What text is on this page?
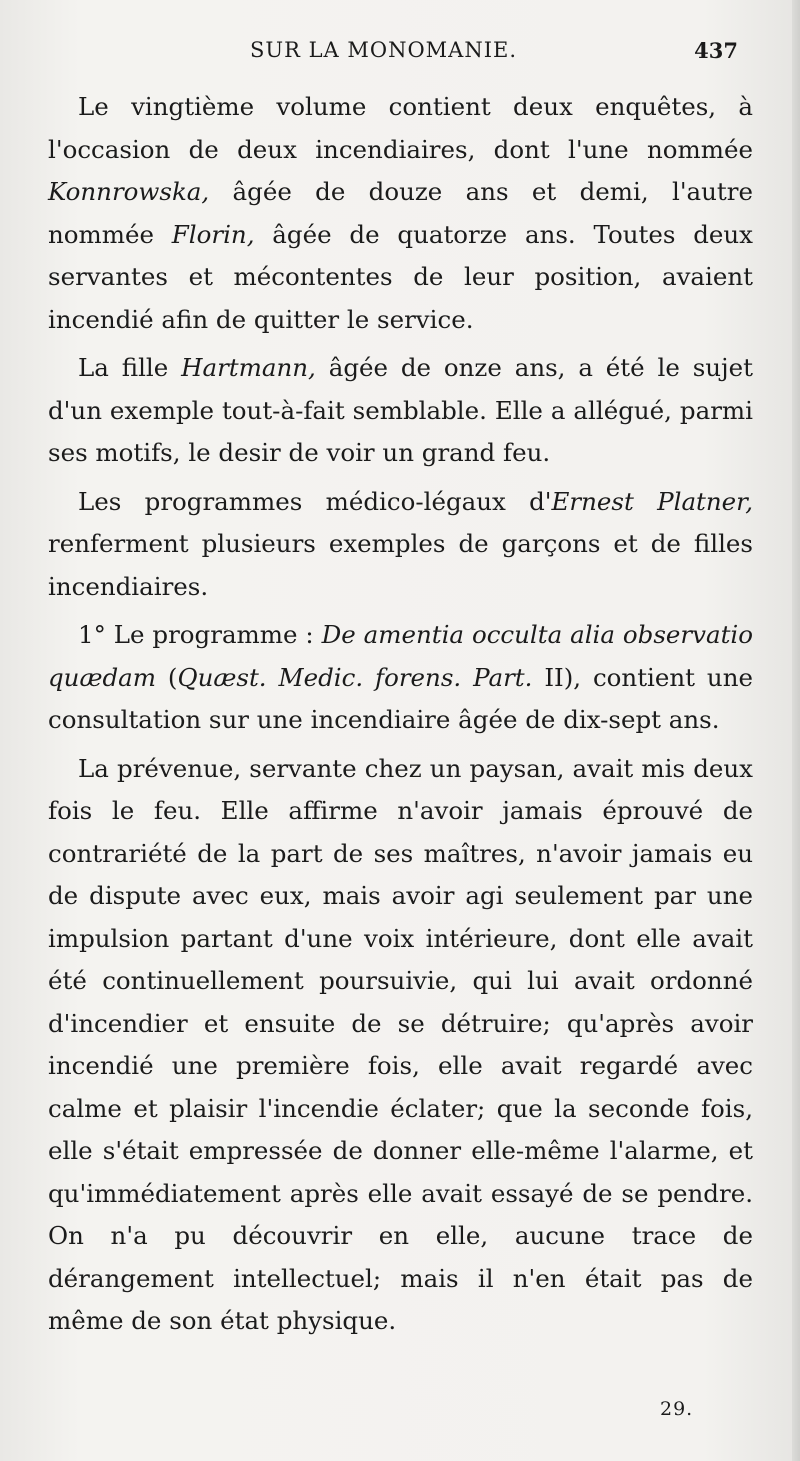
SUR LA MONOMANIE.	437

Le vingtième volume contient deux enquêtes, à l'occasion de deux incendiaires, dont l'une nommée Konnrowska, âgée de douze ans et demi, l'autre nommée Florin, âgée de quatorze ans. Toutes deux servantes et mécontentes de leur position, avaient incendié afin de quitter le service.

La fille Hartmann, âgée de onze ans, a été le sujet d'un exemple tout-à-fait semblable. Elle a allégué, parmi ses motifs, le desir de voir un grand feu.

Les programmes médico-légaux d'Ernest Platner, renferment plusieurs exemples de garçons et de filles incendiaires.

1° Le programme : De amentia occulta alia observatio quædam (Quæst. Medic. forens. Part. II), contient une consultation sur une incendiaire âgée de dix-sept ans.

La prévenue, servante chez un paysan, avait mis deux fois le feu. Elle affirme n'avoir jamais éprouvé de contrariété de la part de ses maîtres, n'avoir jamais eu de dispute avec eux, mais avoir agi seulement par une impulsion partant d'une voix intérieure, dont elle avait été continuellement poursuivie, qui lui avait ordonné d'incendier et ensuite de se détruire; qu'après avoir incendié une première fois, elle avait regardé avec calme et plaisir l'incendie éclater; que la seconde fois, elle s'était empressée de donner elle-même l'alarme, et qu'immédiatement après elle avait essayé de se pendre. On n'a pu découvrir en elle, aucune trace de dérangement intellectuel; mais il n'en était pas de même de son état physique.

29.
